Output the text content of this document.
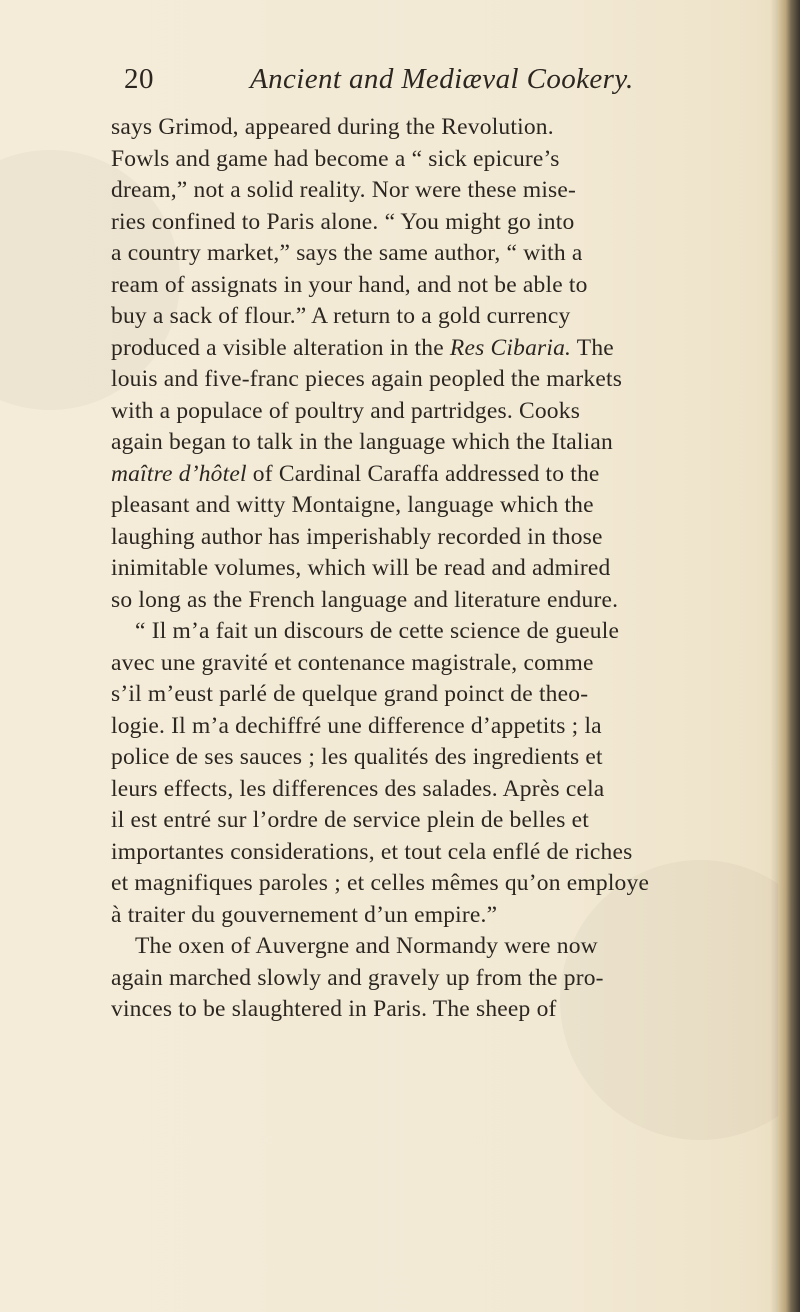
20	Ancient and Mediæval Cookery.
says Grimod, appeared during the Revolution.
Fowls and game had become a “ sick epicure’s
dream,” not a solid reality. Nor were these mise-
ries confined to Paris alone. “ You might go into
a country market,” says the same author, “ with a
ream of assignats in your hand, and not be able to
buy a sack of flour.” A return to a gold currency
produced a visible alteration in the Res Cibaria. The
louis and five-franc pieces again peopled the markets
with a populace of poultry and partridges. Cooks
again began to talk in the language which the Italian
maître d’hôtel of Cardinal Caraffa addressed to the
pleasant and witty Montaigne, language which the
laughing author has imperishably recorded in those
inimitable volumes, which will be read and admired
so long as the French language and literature endure.
“ Il m’a fait un discours de cette science de gueule
avec une gravité et contenance magistrale, comme
s’il m’eust parlé de quelque grand poinct de theo-
logie. Il m’a dechiffré une difference d’appetits ; la
police de ses sauces ; les qualités des ingredients et
leurs effects, les differences des salades. Après cela
il est entré sur l’ordre de service plein de belles et
importantes considerations, et tout cela enflé de riches
et magnifiques paroles ; et celles mêmes qu’on employe
à traiter du gouvernement d’un empire.”
The oxen of Auvergne and Normandy were now
again marched slowly and gravely up from the pro-
vinces to be slaughtered in Paris. The sheep of
